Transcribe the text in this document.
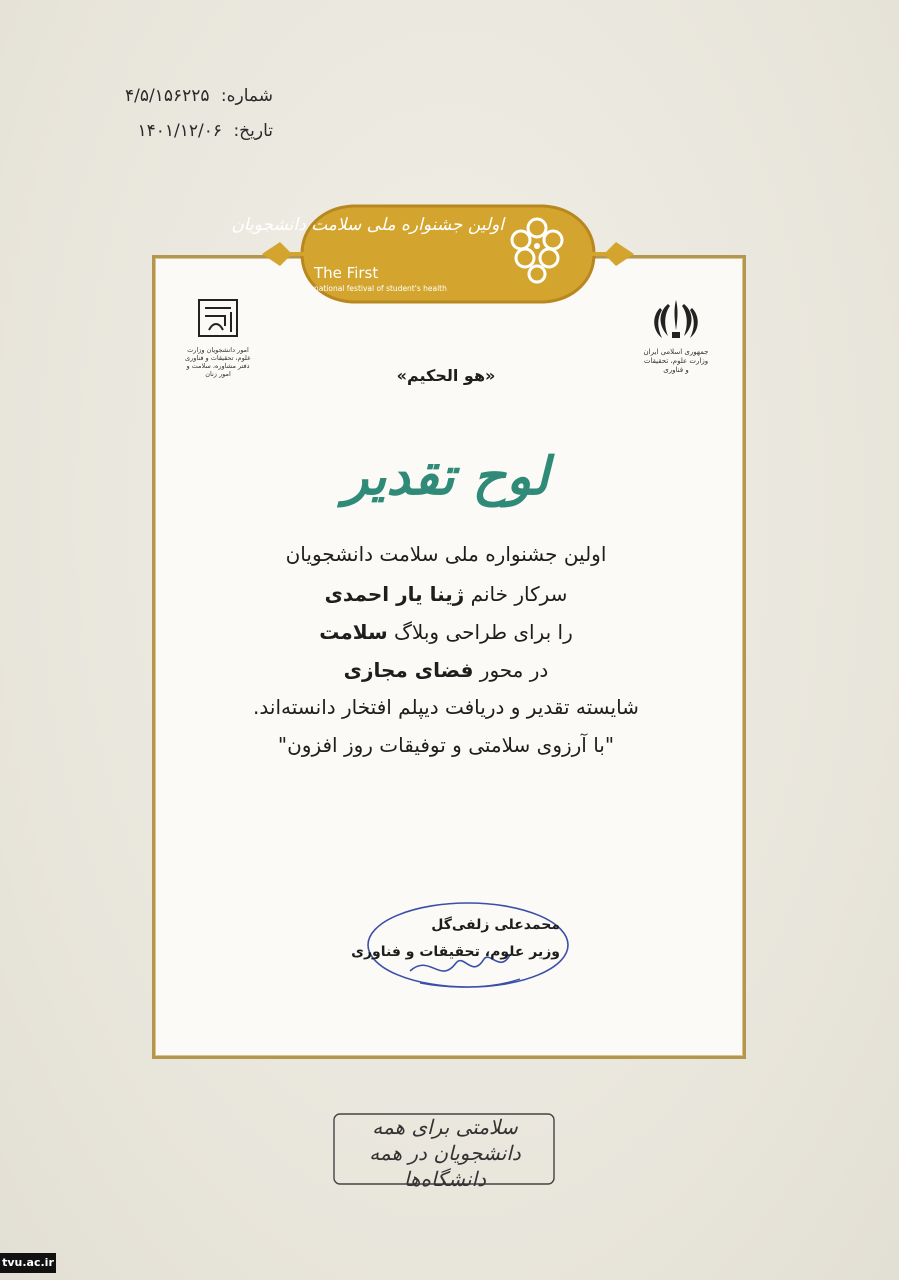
شماره: ۴/۵/۱۵۶۲۲۵
تاریخ: ۱۴۰۱/۱۲/۰۶
اولین جشنواره ملی سلامت دانشجویان
The First
national festival of student's health
جمهوری اسلامی ایران وزارت علوم، تحقیقات و فناوری
امور دانشجویان وزارت علوم، تحقیقات و فناوری دفتر مشاوره، سلامت و امور زنان	«هو الحکیم»
لوح تقدیر
اولین جشنواره ملی سلامت دانشجویان
سرکار خانم ژینا یار احمدی
را برای طراحی وبلاگ سلامت
در محور فضای مجازی
شایسته تقدیر و دریافت دیپلم افتخار دانسته‌اند.
"با آرزوی سلامتی و توفیقات روز افزون"
محمدعلی زلفی‌گل
وزیر علوم، تحقیقات و فناوری
سلامتی برای همه دانشجویان در همه دانشگاه‌ها
tvu.ac.ir
